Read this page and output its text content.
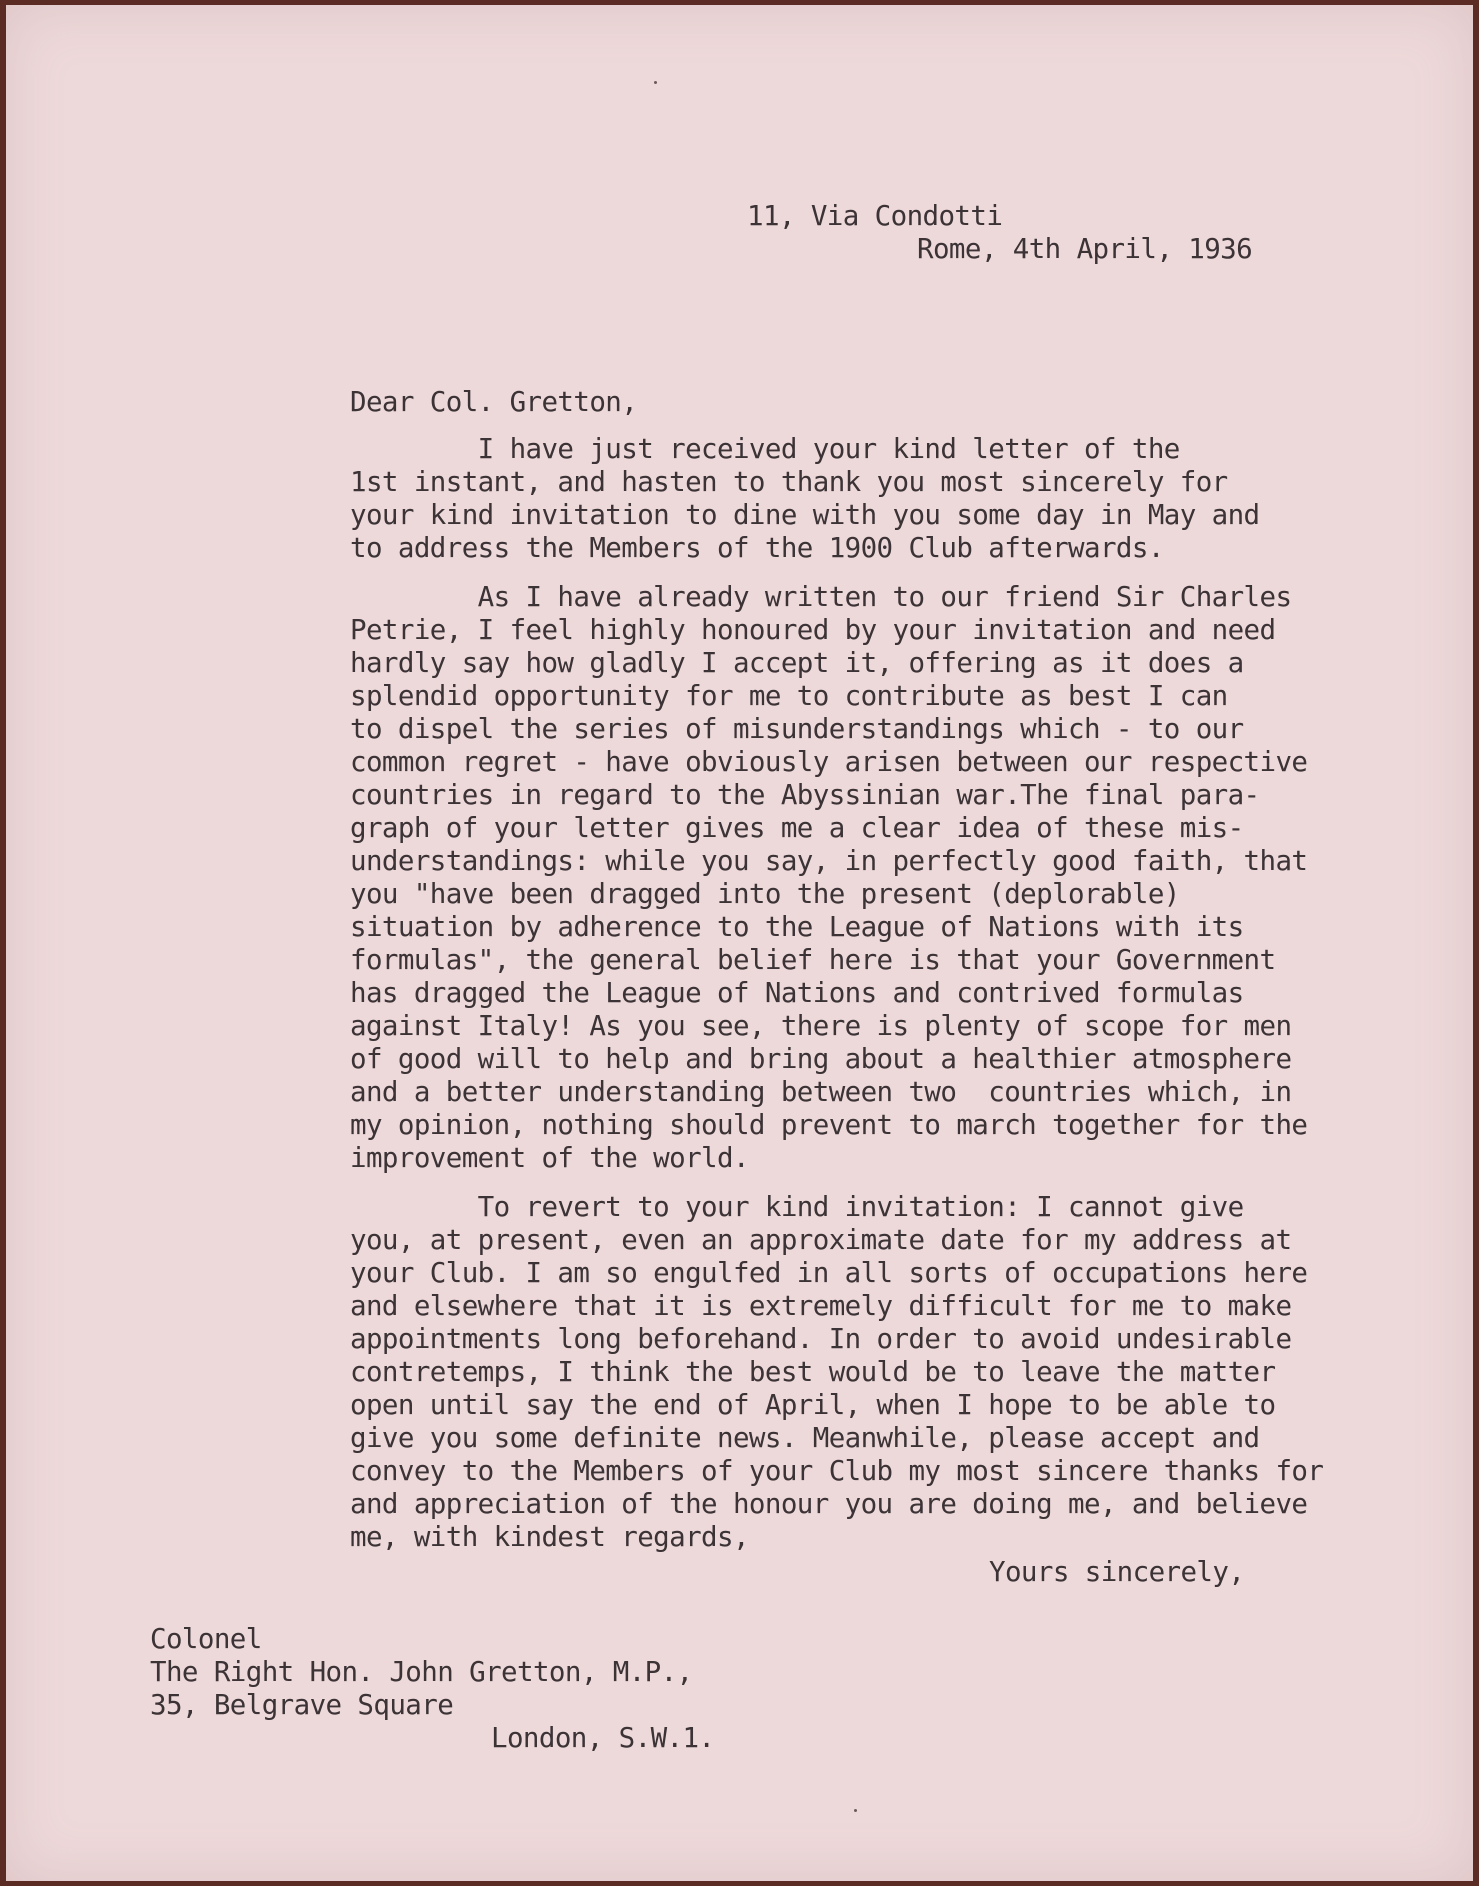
11, Via Condotti

Rome, 4th April, 1936

Dear Col. Gretton,

I have just received your kind letter of the

1st instant, and hasten to thank you most sincerely for

your kind invitation to dine with you some day in May and

to address the Members of the 1900 Club afterwards.

As I have already written to our friend Sir Charles

Petrie, I feel highly honoured by your invitation and need

hardly say how gladly I accept it, offering as it does a

splendid opportunity for me to contribute as best I can

to dispel the series of misunderstandings which - to our

common regret - have obviously arisen between our respective

countries in regard to the Abyssinian war.The final para-

graph of your letter gives me a clear idea of these mis-

understandings: while you say, in perfectly good faith, that

you "have been dragged into the present (deplorable)

situation by adherence to the League of Nations with its

formulas", the general belief here is that your Government

has dragged the League of Nations and contrived formulas

against Italy! As you see, there is plenty of scope for men

of good will to help and bring about a healthier atmosphere

and a better understanding between two  countries which, in

my opinion, nothing should prevent to march together for the

improvement of the world.

To revert to your kind invitation: I cannot give

you, at present, even an approximate date for my address at

your Club. I am so engulfed in all sorts of occupations here

and elsewhere that it is extremely difficult for me to make

appointments long beforehand. In order to avoid undesirable

contretemps, I think the best would be to leave the matter

open until say the end of April, when I hope to be able to

give you some definite news. Meanwhile, please accept and

convey to the Members of your Club my most sincere thanks for

and appreciation of the honour you are doing me, and believe

me, with kindest regards,

Yours sincerely,

Colonel

The Right Hon. John Gretton, M.P.,

35, Belgrave Square

London, S.W.1.
